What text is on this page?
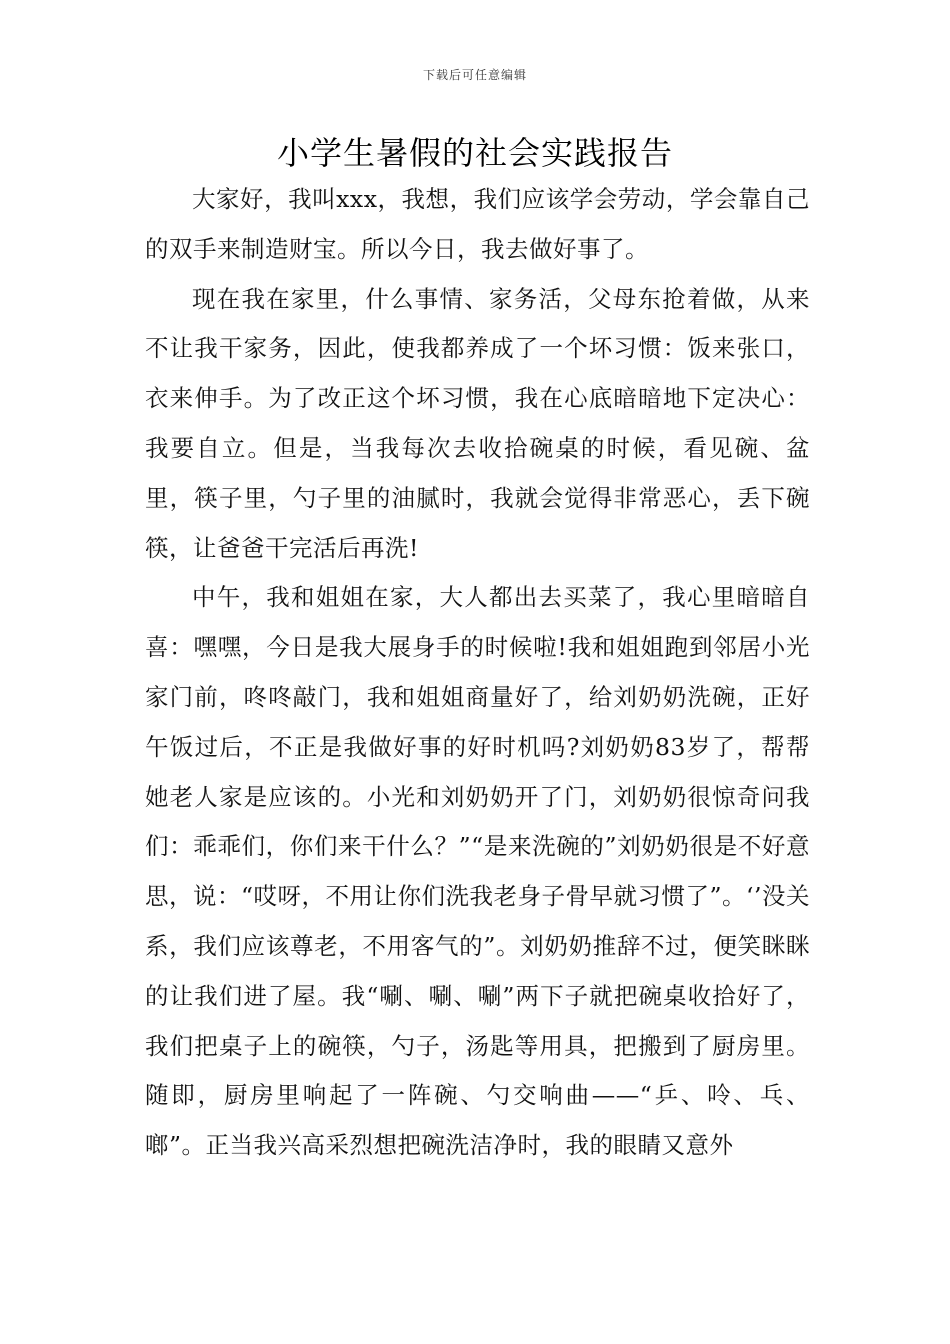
下载后可任意编辑
小学生暑假的社会实践报告

大家好，我叫xxx，我想，我们应该学会劳动，学会靠自己的双手来制造财宝。所以今日，我去做好事了。

现在我在家里，什么事情、家务活，父母东抢着做，从来不让我干家务，因此，使我都养成了一个坏习惯：饭来张口，衣来伸手。为了改正这个坏习惯，我在心底暗暗地下定决心：我要自立。但是，当我每次去收拾碗桌的时候，看见碗、盆里，筷子里，勺子里的油腻时，我就会觉得非常恶心，丢下碗筷，让爸爸干完活后再洗!

中午，我和姐姐在家，大人都出去买菜了，我心里暗暗自喜：嘿嘿，今日是我大展身手的时候啦!我和姐姐跑到邻居小光家门前，咚咚敲门，我和姐姐商量好了，给刘奶奶洗碗，正好午饭过后，不正是我做好事的好时机吗?刘奶奶83岁了，帮帮她老人家是应该的。小光和刘奶奶开了门，刘奶奶很惊奇问我们：乖乖们，你们来干什么？”“是来洗碗的”刘奶奶很是不好意思，说：“哎呀，不用让你们洗我老身子骨早就习惯了”。‘’没关系，我们应该尊老，不用客气的”。刘奶奶推辞不过，便笑眯眯的让我们进了屋。我“唰、唰、唰”两下子就把碗桌收拾好了，我们把桌子上的碗筷，勺子，汤匙等用具，把搬到了厨房里。随即，厨房里响起了一阵碗、勺交响曲——“乒、呤、乓、啷”。正当我兴高采烈想把碗洗洁净时，我的眼睛又意外
